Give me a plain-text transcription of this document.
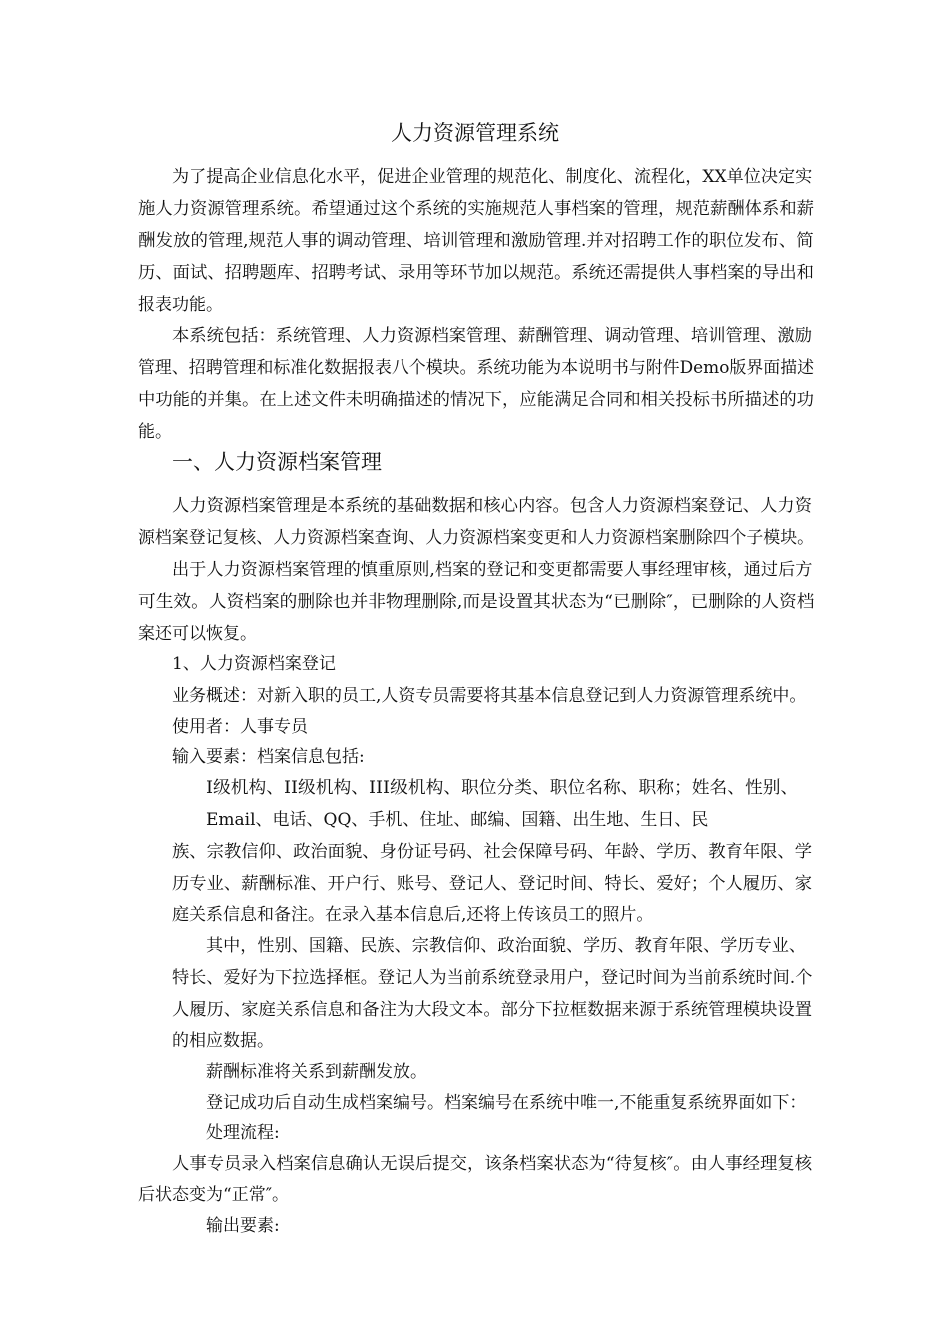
人力资源管理系统
一、人力资源档案管理
为了提高企业信息化水平，促进企业管理的规范化、制度化、流程化，XX单位决定实
施人力资源管理系统。希望通过这个系统的实施规范人事档案的管理，规范薪酬体系和薪
酬发放的管理,规范人事的调动管理、培训管理和激励管理.并对招聘工作的职位发布、简
历、面试、招聘题库、招聘考试、录用等环节加以规范。系统还需提供人事档案的导出和
报表功能。
本系统包括：系统管理、人力资源档案管理、薪酬管理、调动管理、培训管理、激励
管理、招聘管理和标准化数据报表八个模块。系统功能为本说明书与附件Demo版界面描述
中功能的并集。在上述文件未明确描述的情况下，应能满足合同和相关投标书所描述的功
能。
人力资源档案管理是本系统的基础数据和核心内容。包含人力资源档案登记、人力资
源档案登记复核、人力资源档案查询、人力资源档案变更和人力资源档案删除四个子模块。
出于人力资源档案管理的慎重原则,档案的登记和变更都需要人事经理审核，通过后方
可生效。人资档案的删除也并非物理删除,而是设置其状态为“已删除″，已删除的人资档
案还可以恢复。
1、人力资源档案登记
业务概述：对新入职的员工,人资专员需要将其基本信息登记到人力资源管理系统中。
使用者：人事专员
输入要素：档案信息包括:
I级机构、II级机构、III级机构、职位分类、职位名称、职称；姓名、性别、
Email、电话、QQ、手机、住址、邮编、国籍、出生地、生日、民
族、宗教信仰、政治面貌、身份证号码、社会保障号码、年龄、学历、教育年限、学
历专业、薪酬标准、开户行、账号、登记人、登记时间、特长、爱好；个人履历、家
庭关系信息和备注。在录入基本信息后,还将上传该员工的照片。
其中，性别、国籍、民族、宗教信仰、政治面貌、学历、教育年限、学历专业、
特长、爱好为下拉选择框。登记人为当前系统登录用户，登记时间为当前系统时间.个
人履历、家庭关系信息和备注为大段文本。部分下拉框数据来源于系统管理模块设置
的相应数据。
薪酬标准将关系到薪酬发放。
登记成功后自动生成档案编号。档案编号在系统中唯一,不能重复系统界面如下：
处理流程:
人事专员录入档案信息确认无误后提交，该条档案状态为“待复核″。由人事经理复核
后状态变为“正常″。
输出要素:
